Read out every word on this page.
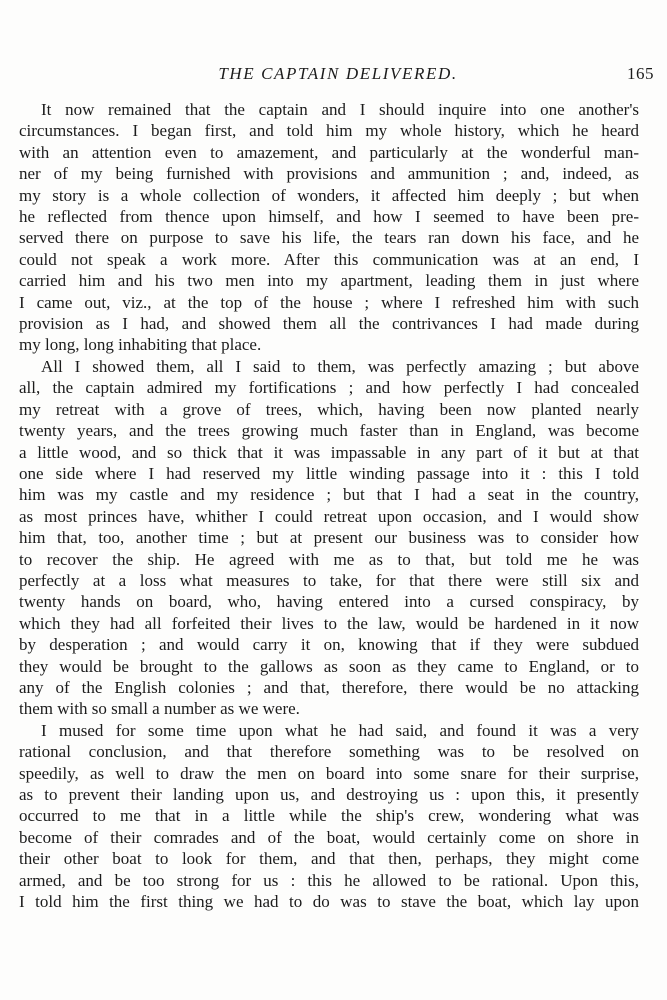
THE CAPTAIN DELIVERED.	165
It now remained that the captain and I should inquire into one another's
circumstances. I began first, and told him my whole history, which he heard
with an attention even to amazement, and particularly at the wonderful man-
ner of my being furnished with provisions and ammunition ; and, indeed, as
my story is a whole collection of wonders, it affected him deeply ; but when
he reflected from thence upon himself, and how I seemed to have been pre-
served there on purpose to save his life, the tears ran down his face, and he
could not speak a work more. After this communication was at an end, I
carried him and his two men into my apartment, leading them in just where
I came out, viz., at the top of the house ; where I refreshed him with such
provision as I had, and showed them all the contrivances I had made during
my long, long inhabiting that place.
All I showed them, all I said to them, was perfectly amazing ; but above
all, the captain admired my fortifications ; and how perfectly I had concealed
my retreat with a grove of trees, which, having been now planted nearly
twenty years, and the trees growing much faster than in England, was become
a little wood, and so thick that it was impassable in any part of it but at that
one side where I had reserved my little winding passage into it : this I told
him was my castle and my residence ; but that I had a seat in the country,
as most princes have, whither I could retreat upon occasion, and I would show
him that, too, another time ; but at present our business was to consider how
to recover the ship. He agreed with me as to that, but told me he was
perfectly at a loss what measures to take, for that there were still six and
twenty hands on board, who, having entered into a cursed conspiracy, by
which they had all forfeited their lives to the law, would be hardened in it now
by desperation ; and would carry it on, knowing that if they were subdued
they would be brought to the gallows as soon as they came to England, or to
any of the English colonies ; and that, therefore, there would be no attacking
them with so small a number as we were.
I mused for some time upon what he had said, and found it was a very
rational conclusion, and that therefore something was to be resolved on
speedily, as well to draw the men on board into some snare for their surprise,
as to prevent their landing upon us, and destroying us : upon this, it presently
occurred to me that in a little while the ship's crew, wondering what was
become of their comrades and of the boat, would certainly come on shore in
their other boat to look for them, and that then, perhaps, they might come
armed, and be too strong for us : this he allowed to be rational. Upon this,
I told him the first thing we had to do was to stave the boat, which lay upon
